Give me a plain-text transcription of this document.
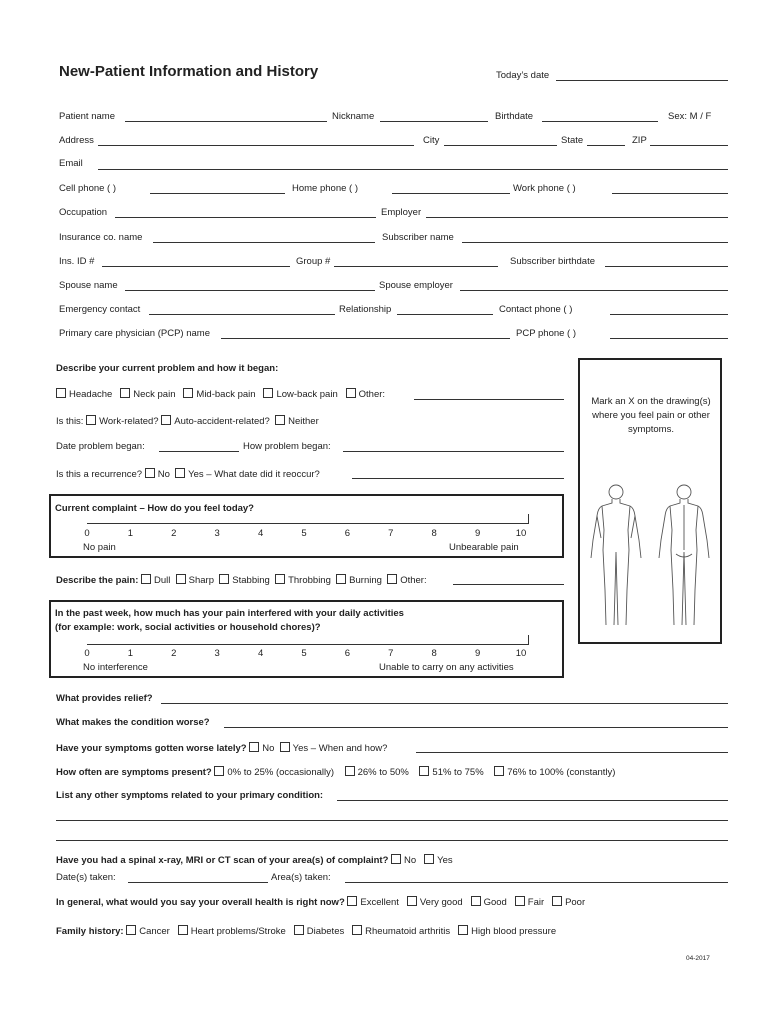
New-Patient Information and History	Today’s date
Patient name	Nickname	Birthdate	Sex: M / F
Address	City	State	ZIP
Email
Cell phone ( )	Home phone ( )	Work phone ( )
Occupation	Employer
Insurance co. name	Subscriber name
Ins. ID #	Group #	Subscriber birthdate
Spouse name	Spouse employer
Emergency contact	Relationship	Contact phone ( )
Primary care physician (PCP) name	PCP phone ( )
Mark an X on the drawing(s) where you feel pain or other symptoms.
Describe your current problem and how it began:
Headache Neck pain Mid-back pain Low-back pain Other:
Is this: Work-related? Auto-accident-related? Neither
Date problem began:	How problem began:
Is this a recurrence? No Yes – What date did it reoccur?
Current complaint – How do you feel today?
0	1	2	3	4	5	6	7	8	9	10
No pain	Unbearable pain
Describe the pain: Dull Sharp Stabbing Throbbing Burning Other:
In the past week, how much has your pain interfered with your daily activities
(for example: work, social activities or household chores)?
0	1	2	3	4	5	6	7	8	9	10
No interference	Unable to carry on any activities
What provides relief?
What makes the condition worse?
Have your symptoms gotten worse lately? No Yes – When and how?
How often are symptoms present? 0% to 25% (occasionally) 26% to 50% 51% to 75% 76% to 100% (constantly)
List any other symptoms related to your primary condition:
Have you had a spinal x-ray, MRI or CT scan of your area(s) of complaint? No Yes
Date(s) taken:	Area(s) taken:
In general, what would you say your overall health is right now? Excellent Very good Good Fair Poor
Family history: Cancer Heart problems/Stroke Diabetes Rheumatoid arthritis High blood pressure
04-2017
